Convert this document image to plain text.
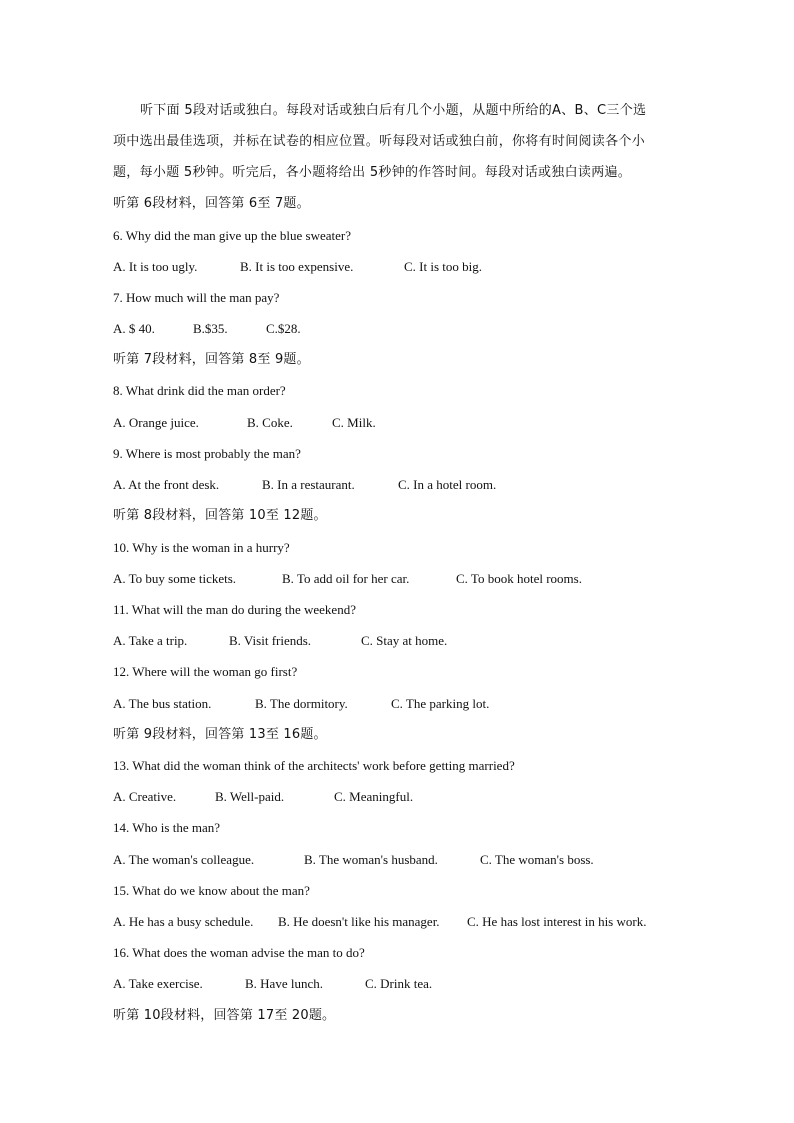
听下面 5段对话或独白。每段对话或独白后有几个小题，从题中所给的A、B、C三个选
项中选出最佳选项，并标在试卷的相应位置。听每段对话或独白前，你将有时间阅读各个小
题，每小题 5秒钟。听完后，各小题将给出 5秒钟的作答时间。每段对话或独白读两遍。
听第 6段材料，回答第 6至 7题。
6. Why did the man give up the blue sweater?
A. It is too ugly.	B. It is too expensive.	C. It is too big.
7. How much will the man pay?
A. $ 40.	B.$35.	C.$28.
听第 7段材料，回答第 8至 9题。
8. What drink did the man order?
A. Orange juice.	B. Coke.	C. Milk.
9. Where is most probably the man?
A. At the front desk.	B. In a restaurant.	C. In a hotel room.
听第 8段材料，回答第 10至 12题。
10. Why is the woman in a hurry?
A. To buy some tickets.	B. To add oil for her car.	C. To book hotel rooms.
11. What will the man do during the weekend?
A. Take a trip.	B. Visit friends.	C. Stay at home.
12. Where will the woman go first?
A. The bus station.	B. The dormitory.	C. The parking lot.
听第 9段材料，回答第 13至 16题。
13. What did the woman think of the architects' work before getting married?
A. Creative.	B. Well-paid.	C. Meaningful.
14. Who is the man?
A. The woman's colleague.	B. The woman's husband.	C. The woman's boss.
15. What do we know about the man?
A. He has a busy schedule. B. He doesn't like his manager. C. He has lost interest in his work.
16. What does the woman advise the man to do?
A. Take exercise.	B. Have lunch.	C. Drink tea.
听第 10段材料，回答第 17至 20题。
